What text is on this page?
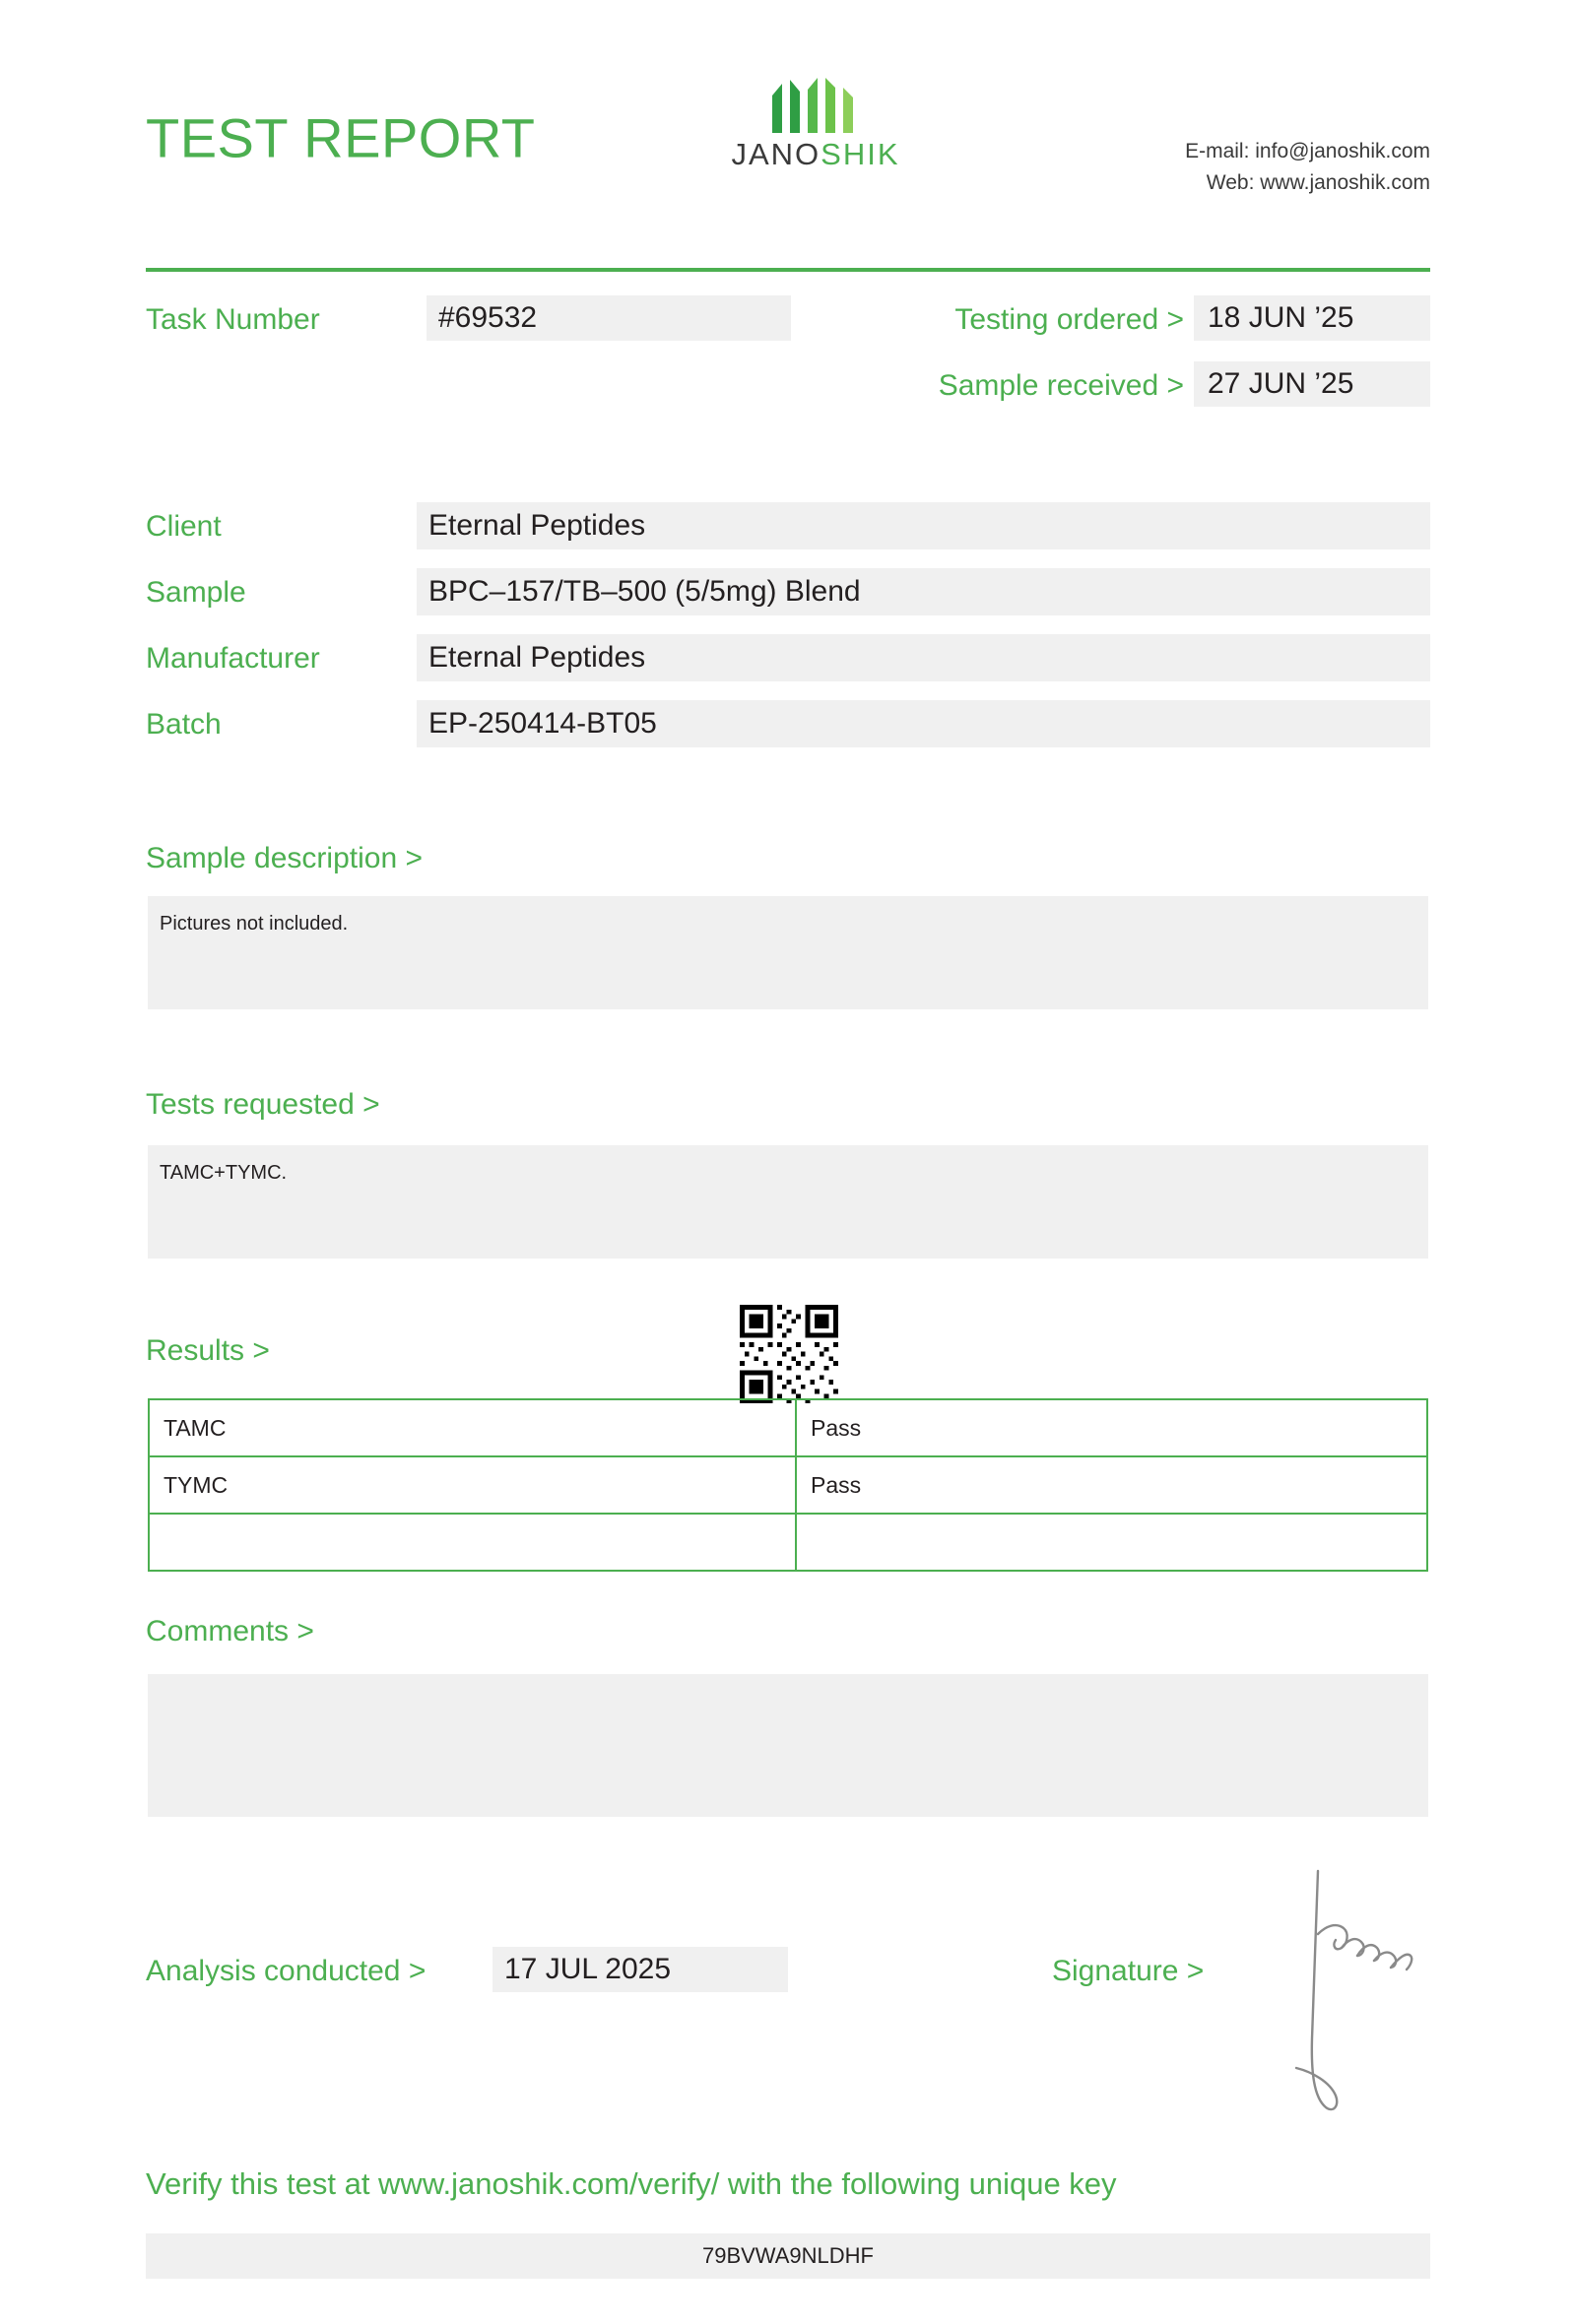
TEST REPORT	JANOSHIK	E-mail: info@janoshik.com
Web: www.janoshik.com
Task Number	#69532	Testing ordered > 18 JUN ’25
Sample received > 27 JUN ’25
Client	Eternal Peptides
Sample	BPC–157/TB–500 (5/5mg) Blend
Manufacturer	Eternal Peptides
Batch	EP-250414-BT05
Sample description >
Pictures not included.
Tests requested >
TAMC+TYMC.
Results >
TAMC	Pass
TYMC	Pass

Comments >
Analysis conducted >	17 JUL 2025	Signature >
Verify this test at www.janoshik.com/verify/ with the following unique key
79BVWA9NLDHF
